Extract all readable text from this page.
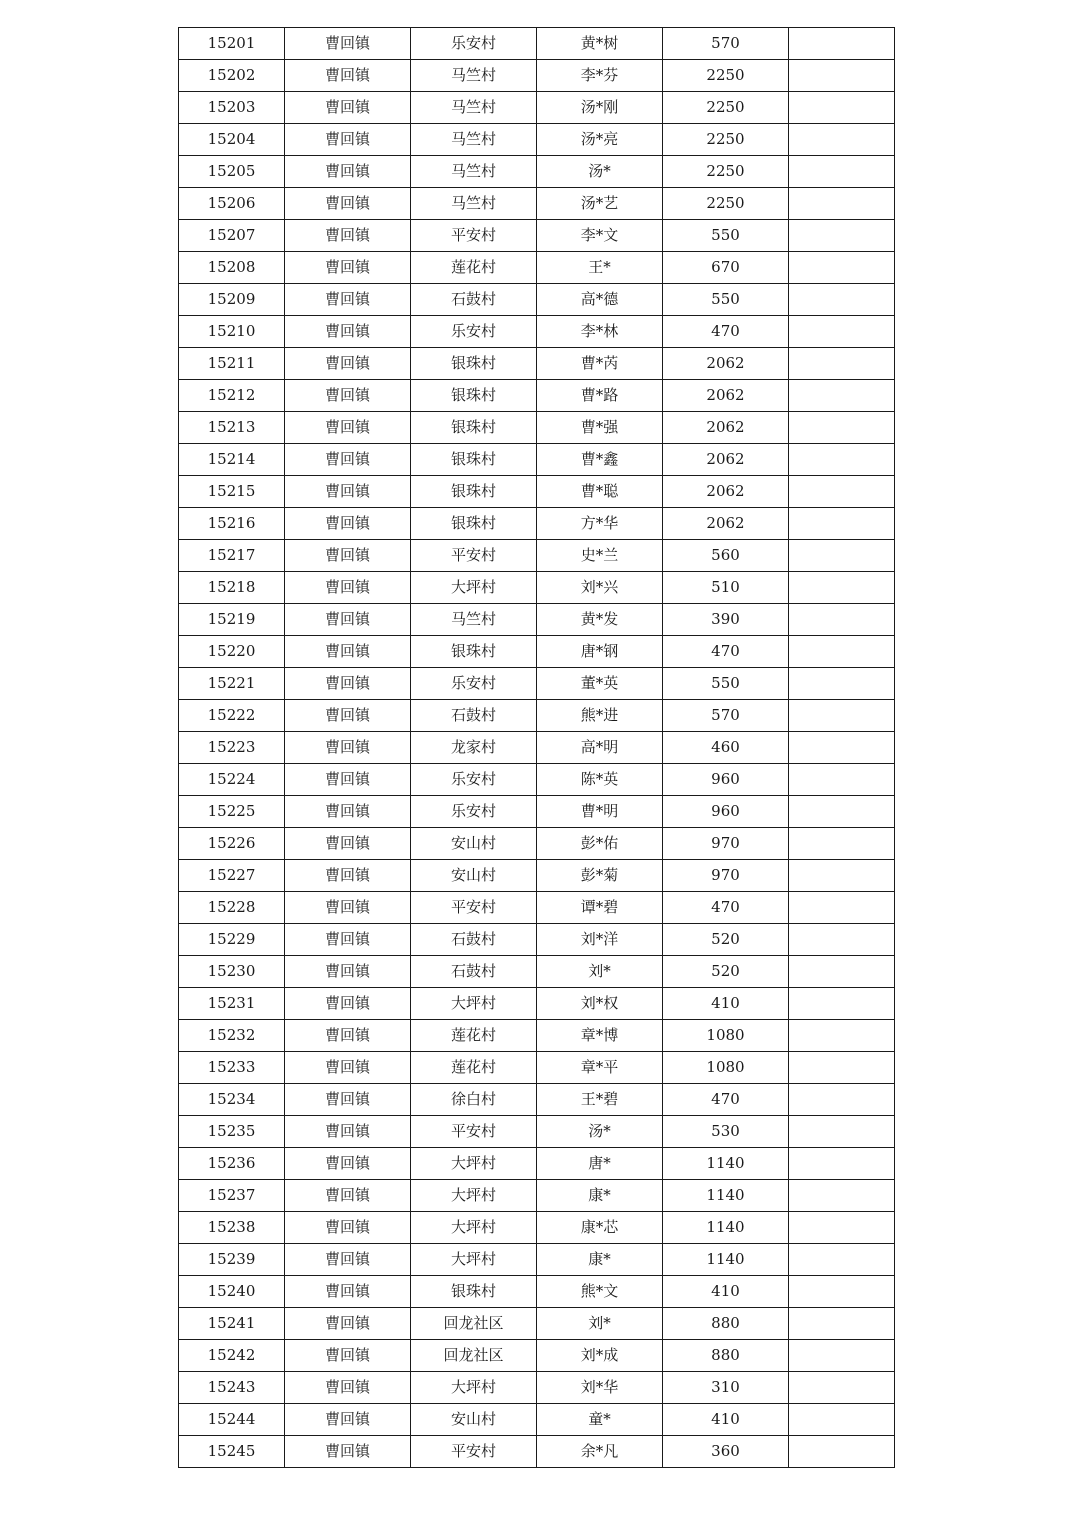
15201	曹回镇	乐安村	黄*树	570	
15202	曹回镇	马竺村	李*芬	2250	
15203	曹回镇	马竺村	汤*刚	2250	
15204	曹回镇	马竺村	汤*亮	2250	
15205	曹回镇	马竺村	汤*	2250	
15206	曹回镇	马竺村	汤*艺	2250	
15207	曹回镇	平安村	李*文	550	
15208	曹回镇	莲花村	王*	670	
15209	曹回镇	石鼓村	高*德	550	
15210	曹回镇	乐安村	李*林	470	
15211	曹回镇	银珠村	曹*芮	2062	
15212	曹回镇	银珠村	曹*路	2062	
15213	曹回镇	银珠村	曹*强	2062	
15214	曹回镇	银珠村	曹*鑫	2062	
15215	曹回镇	银珠村	曹*聪	2062	
15216	曹回镇	银珠村	方*华	2062	
15217	曹回镇	平安村	史*兰	560	
15218	曹回镇	大坪村	刘*兴	510	
15219	曹回镇	马竺村	黄*发	390	
15220	曹回镇	银珠村	唐*钢	470	
15221	曹回镇	乐安村	董*英	550	
15222	曹回镇	石鼓村	熊*进	570	
15223	曹回镇	龙家村	高*明	460	
15224	曹回镇	乐安村	陈*英	960	
15225	曹回镇	乐安村	曹*明	960	
15226	曹回镇	安山村	彭*佑	970	
15227	曹回镇	安山村	彭*菊	970	
15228	曹回镇	平安村	谭*碧	470	
15229	曹回镇	石鼓村	刘*洋	520	
15230	曹回镇	石鼓村	刘*	520	
15231	曹回镇	大坪村	刘*权	410	
15232	曹回镇	莲花村	章*博	1080	
15233	曹回镇	莲花村	章*平	1080	
15234	曹回镇	徐白村	王*碧	470	
15235	曹回镇	平安村	汤*	530	
15236	曹回镇	大坪村	唐*	1140	
15237	曹回镇	大坪村	康*	1140	
15238	曹回镇	大坪村	康*芯	1140	
15239	曹回镇	大坪村	康*	1140	
15240	曹回镇	银珠村	熊*文	410	
15241	曹回镇	回龙社区	刘*	880	
15242	曹回镇	回龙社区	刘*成	880	
15243	曹回镇	大坪村	刘*华	310	
15244	曹回镇	安山村	童*	410	
15245	曹回镇	平安村	余*凡	360	
